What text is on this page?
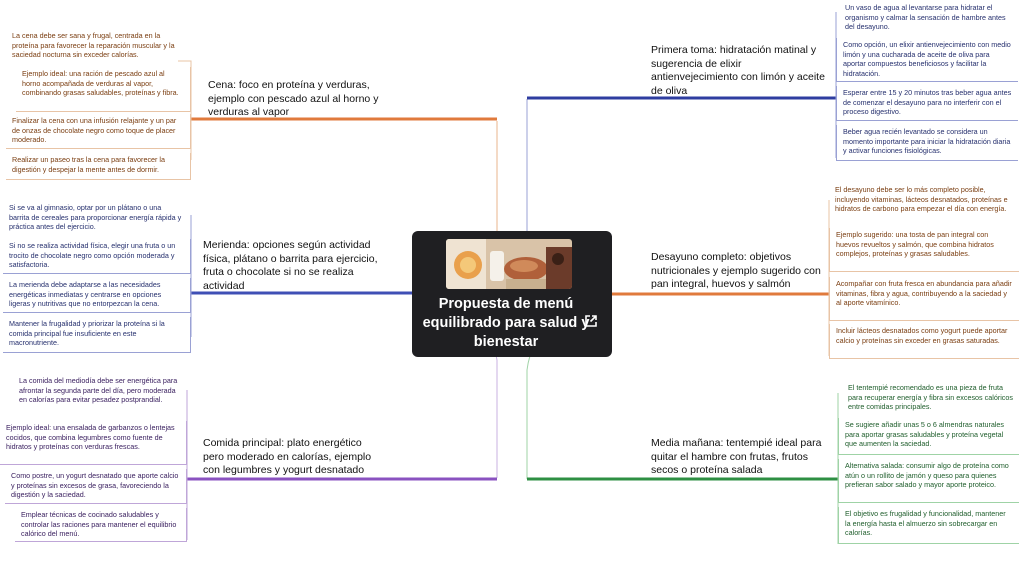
Propuesta de menú equilibrado para salud y bienestar
Cena: foco en proteína y verduras, ejemplo con pescado azul al horno y verduras al vapor
La cena debe ser sana y frugal, centrada en la proteína para favorecer la reparación muscular y la saciedad nocturna sin exceder calorías.
Ejemplo ideal: una ración de pescado azul al horno acompañada de verduras al vapor, combinando grasas saludables, proteínas y fibra.
Finalizar la cena con una infusión relajante y un par de onzas de chocolate negro como toque de placer moderado.
Realizar un paseo tras la cena para favorecer la digestión y despejar la mente antes de dormir.
Merienda: opciones según actividad física, plátano o barrita para ejercicio, fruta o chocolate si no se realiza actividad
Si se va al gimnasio, optar por un plátano o una barrita de cereales para proporcionar energía rápida y práctica antes del ejercicio.
Si no se realiza actividad física, elegir una fruta o un trocito de chocolate negro como opción moderada y satisfactoria.
La merienda debe adaptarse a las necesidades energéticas inmediatas y centrarse en opciones ligeras y nutritivas que no entorpezcan la cena.
Mantener la frugalidad y priorizar la proteína si la comida principal fue insuficiente en este macronutriente.
Comida principal: plato energético pero moderado en calorías, ejemplo con legumbres y yogurt desnatado
La comida del mediodía debe ser energética para afrontar la segunda parte del día, pero moderada en calorías para evitar pesadez postprandial.
Ejemplo ideal: una ensalada de garbanzos o lentejas cocidos, que combina legumbres como fuente de hidratos y proteínas con verduras frescas.
Como postre, un yogurt desnatado que aporte calcio y proteínas sin excesos de grasa, favoreciendo la digestión y la saciedad.
Emplear técnicas de cocinado saludables y controlar las raciones para mantener el equilibrio calórico del menú.
Primera toma: hidratación matinal y sugerencia de elixir antienvejecimiento con limón y aceite de oliva
Un vaso de agua al levantarse para hidratar el organismo y calmar la sensación de hambre antes del desayuno.
Como opción, un elixir antienvejecimiento con medio limón y una cucharada de aceite de oliva para aportar compuestos beneficiosos y facilitar la hidratación.
Esperar entre 15 y 20 minutos tras beber agua antes de comenzar el desayuno para no interferir con el proceso digestivo.
Beber agua recién levantado se considera un momento importante para iniciar la hidratación diaria y activar funciones fisiológicas.
Desayuno completo: objetivos nutricionales y ejemplo sugerido con pan integral, huevos y salmón
El desayuno debe ser lo más completo posible, incluyendo vitaminas, lácteos desnatados, proteínas e hidratos de carbono para empezar el día con energía.
Ejemplo sugerido: una tosta de pan integral con huevos revueltos y salmón, que combina hidratos complejos, proteínas y grasas saludables.
Acompañar con fruta fresca en abundancia para añadir vitaminas, fibra y agua, contribuyendo a la saciedad y al aporte vitamínico.
Incluir lácteos desnatados como yogurt puede aportar calcio y proteínas sin exceder en grasas saturadas.
Media mañana: tentempié ideal para quitar el hambre con frutas, frutos secos o proteína salada
El tentempié recomendado es una pieza de fruta para recuperar energía y fibra sin excesos calóricos entre comidas principales.
Se sugiere añadir unas 5 o 6 almendras naturales para aportar grasas saludables y proteína vegetal que aumenten la saciedad.
Alternativa salada: consumir algo de proteína como atún o un rollito de jamón y queso para quienes prefieran sabor salado y mayor aporte proteico.
El objetivo es frugalidad y funcionalidad, mantener la energía hasta el almuerzo sin sobrecargar en calorías.
